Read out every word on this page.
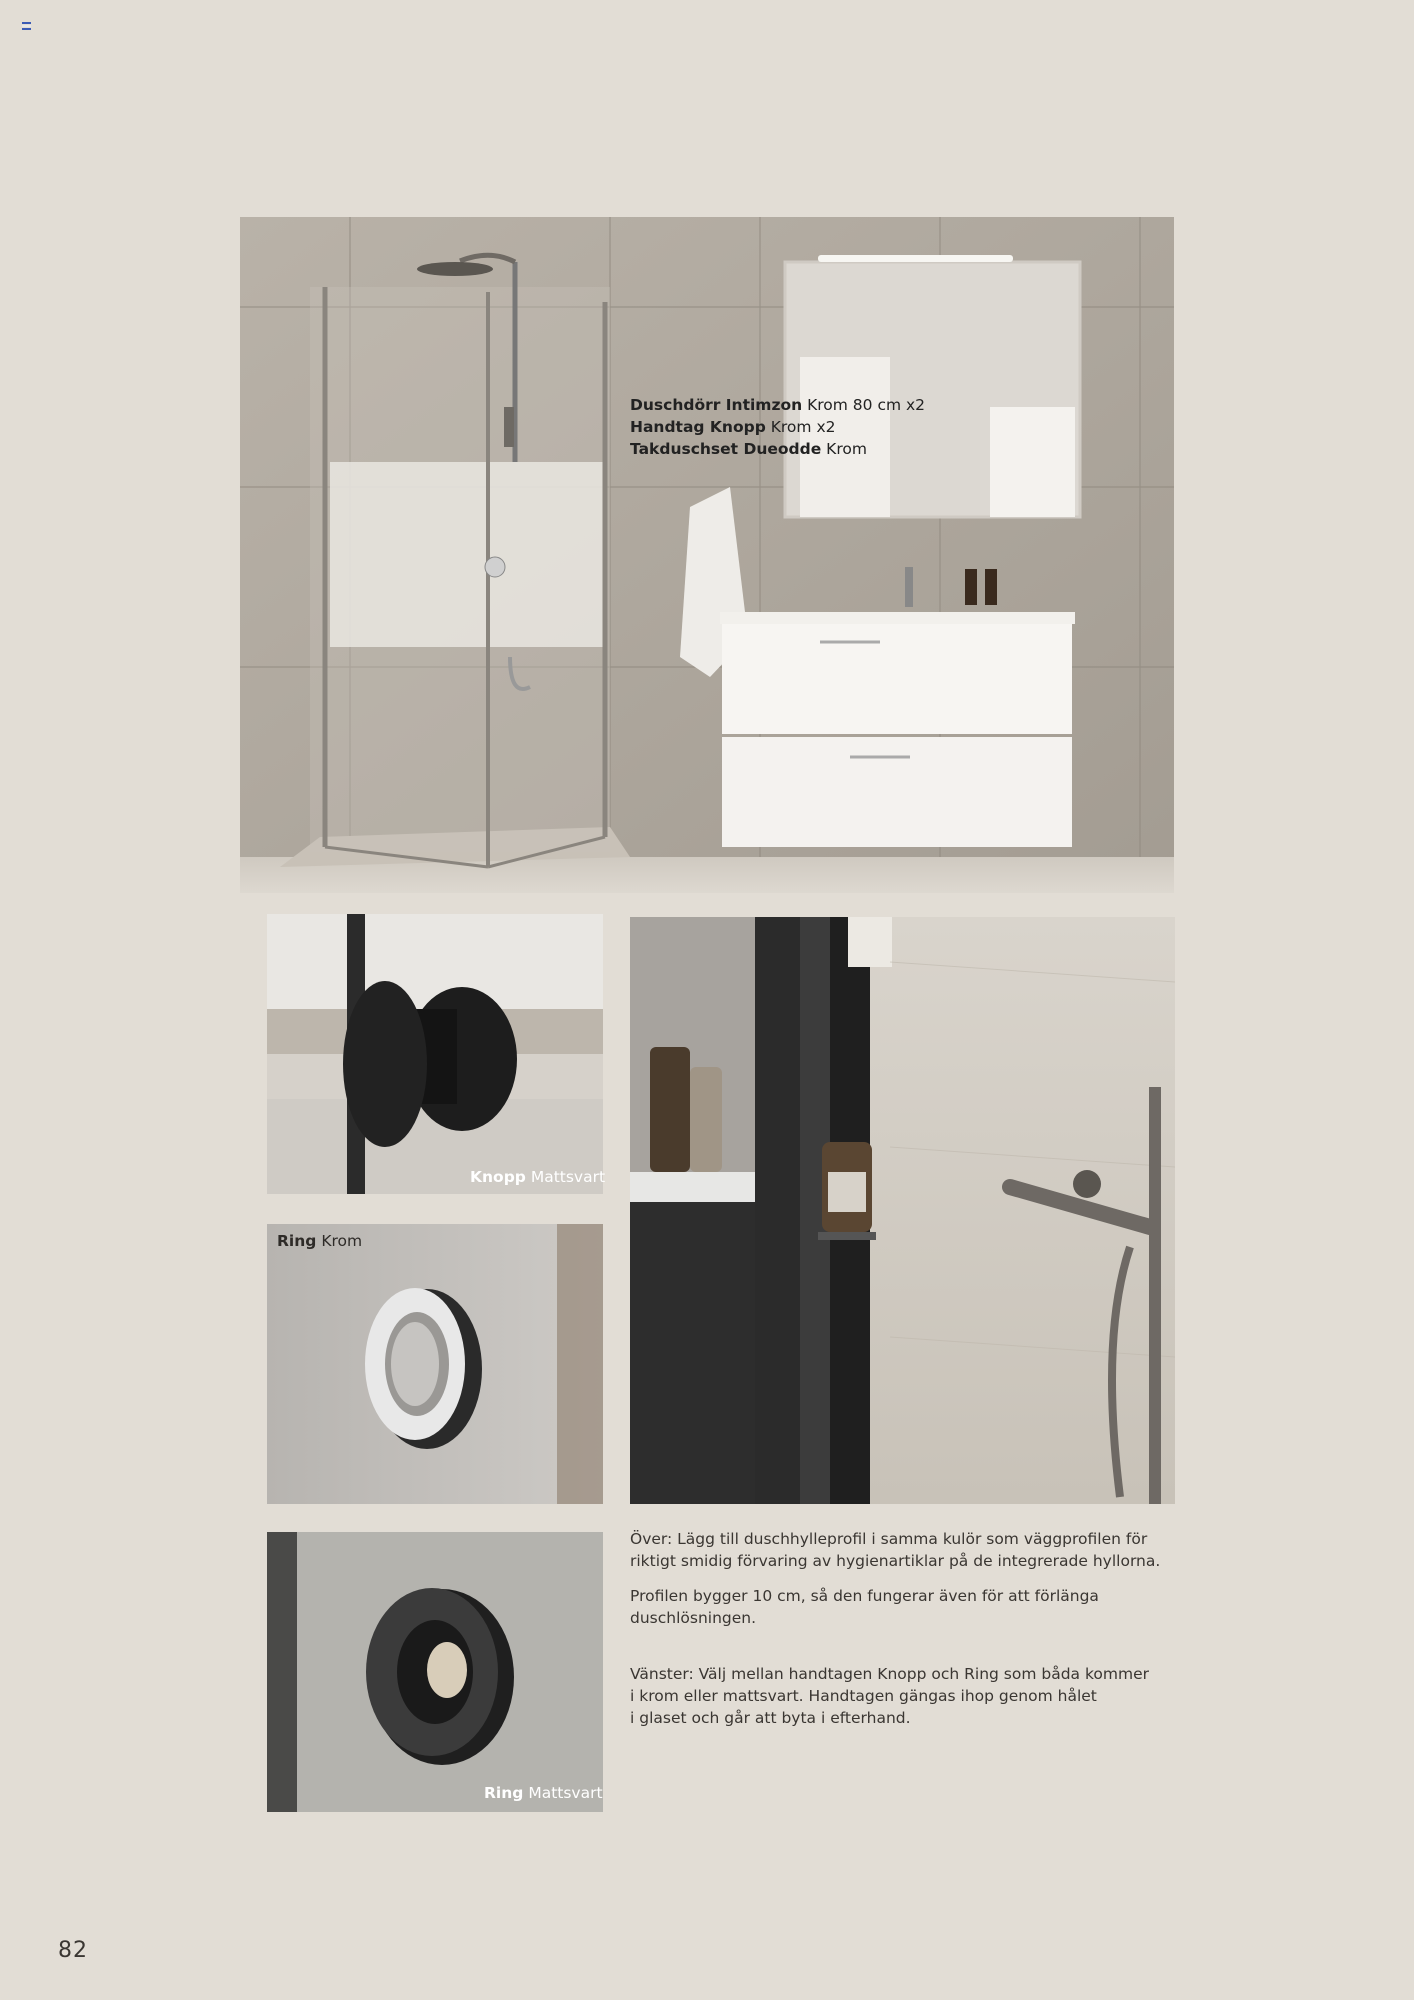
Duschdörr Intimzon Krom 80 cm x2
Handtag Knopp Krom x2
Takduschset Dueodde Krom
Knopp Mattsvart
Ring Krom
Ring Mattsvart

Över: Lägg till duschhylleprofil i samma kulör som väggprofilen för
riktigt smidig förvaring av hygienartiklar på de integrerade hyllorna.

Profilen bygger 10 cm, så den fungerar även för att förlänga
duschlösningen.

Vänster: Välj mellan handtagen Knopp och Ring som båda kommer
i krom eller mattsvart. Handtagen gängas ihop genom hålet
i glaset och går att byta i efterhand.

82
